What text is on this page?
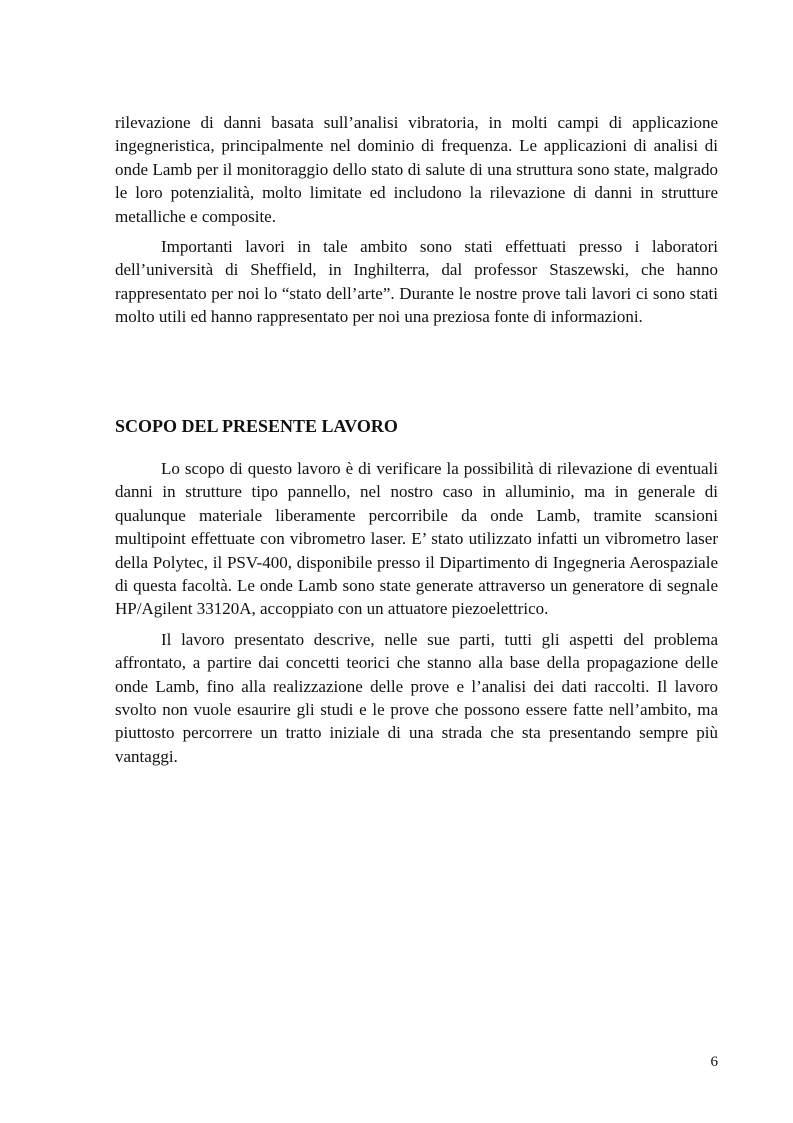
rilevazione di danni basata sull’analisi vibratoria, in molti campi di applicazione ingegneristica, principalmente nel dominio di frequenza. Le applicazioni di analisi di onde Lamb per il monitoraggio dello stato di salute di una struttura sono state, malgrado le loro potenzialità, molto limitate ed includono la rilevazione di danni in strutture metalliche e composite.

Importanti lavori in tale ambito sono stati effettuati presso i laboratori dell’università di Sheffield, in Inghilterra, dal professor Staszewski, che hanno rappresentato per noi lo “stato dell’arte”. Durante le nostre prove tali lavori ci sono stati molto utili ed hanno rappresentato per noi una preziosa fonte di informazioni.

SCOPO DEL PRESENTE LAVORO

Lo scopo di questo lavoro è di verificare la possibilità di rilevazione di eventuali danni in strutture tipo pannello, nel nostro caso in alluminio, ma in generale di qualunque materiale liberamente percorribile da onde Lamb, tramite scansioni multipoint effettuate con vibrometro laser. E’ stato utilizzato infatti un vibrometro laser della Polytec, il PSV-400, disponibile presso il Dipartimento di Ingegneria Aerospaziale di questa facoltà. Le onde Lamb sono state generate attraverso un generatore di segnale HP/Agilent 33120A, accoppiato con un attuatore piezoelettrico.

Il lavoro presentato descrive, nelle sue parti, tutti gli aspetti del problema affrontato, a partire dai concetti teorici che stanno alla base della propagazione delle onde Lamb, fino alla realizzazione delle prove e l’analisi dei dati raccolti. Il lavoro svolto non vuole esaurire gli studi e le prove che possono essere fatte nell’ambito, ma piuttosto percorrere un tratto iniziale di una strada che sta presentando sempre più vantaggi.

6
